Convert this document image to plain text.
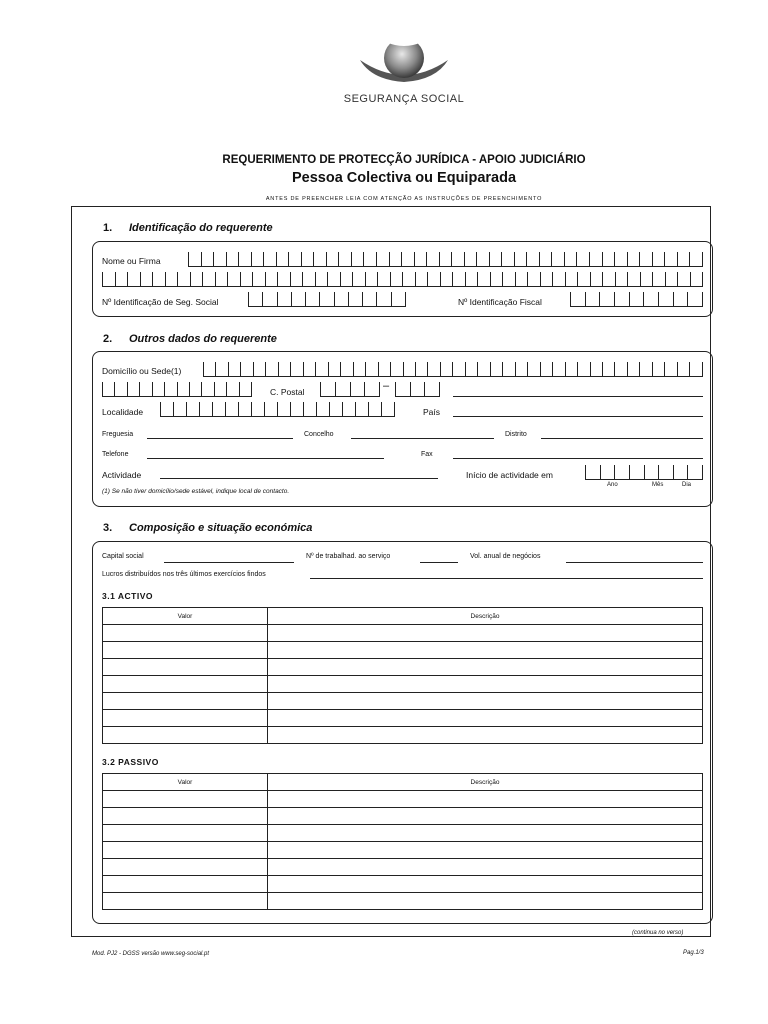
SEGURANÇA SOCIAL
REQUERIMENTO DE PROTECÇÃO JURÍDICA - APOIO JUDICIÁRIO
Pessoa Colectiva ou Equiparada
ANTES DE PREENCHER LEIA COM ATENÇÃO AS INSTRUÇÕES DE PREENCHIMENTO
1. Identificação do requerente
Nome ou Firma
Nº Identificação de Seg. Social	Nº Identificação Fiscal
2. Outros dados do requerente
Domicílio ou Sede(1)
C. Postal	–
Localidade	País
Freguesia	Concelho	Distrito
Telefone	Fax
Actividade	Início de actividade em
Ano	Mês	Dia
(1) Se não tiver domicílio/sede estável, indique local de contacto.
3. Composição e situação económica
Capital social	Nº de trabalhad. ao serviço	Vol. anual de negócios
Lucros distribuídos nos três últimos exercícios findos
3.1 ACTIVO
Valor	Descrição

3.2 PASSIVO
Valor	Descrição

(continua no verso)
Mod. PJ2 - DGSS versão www.seg-social.pt	Pag.1/3
